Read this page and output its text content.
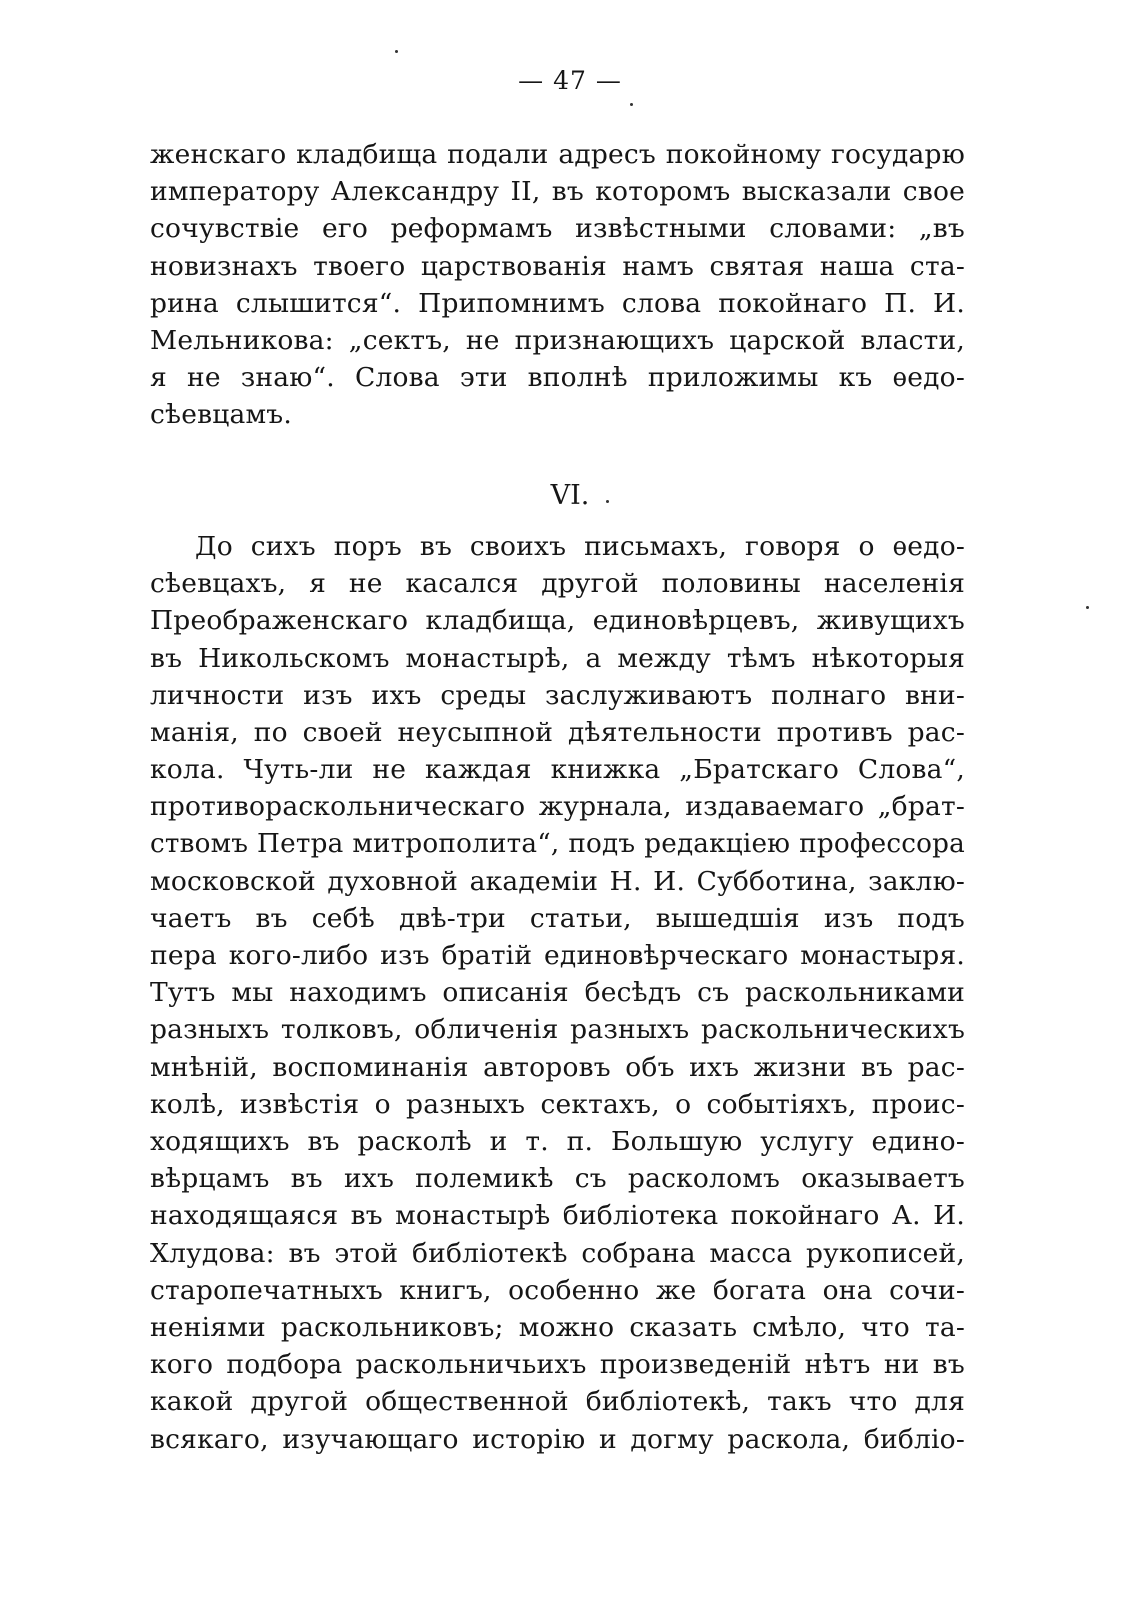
— 47 —
женскаго кладбища подали адресъ покойному государю
императору Александру II, въ которомъ высказали свое
сочувствіе его реформамъ извѣстными словами: „въ
новизнахъ твоего царствованія намъ святая наша ста-
рина слышится“. Припомнимъ слова покойнаго П. И.
Мельникова: „сектъ, не признающихъ царской власти,
я не знаю“. Слова эти вполнѣ приложимы къ ѳедо-
сѣевцамъ.
VI.
До сихъ поръ въ своихъ письмахъ, говоря о ѳедо-
сѣевцахъ, я не касался другой половины населенія
Преображенскаго кладбища, единовѣрцевъ, живущихъ
въ Никольскомъ монастырѣ, а между тѣмъ нѣкоторыя
личности изъ ихъ среды заслуживаютъ полнаго вни-
манія, по своей неусыпной дѣятельности противъ рас-
кола. Чуть-ли не каждая книжка „Братскаго Слова“,
противораскольническаго журнала, издаваемаго „брат-
ствомъ Петра митрополита“, подъ редакціею профессора
московской духовной академіи Н. И. Субботина, заклю-
чаетъ въ себѣ двѣ-три статьи, вышедшія изъ подъ
пера кого-либо изъ братій единовѣрческаго монастыря.
Тутъ мы находимъ описанія бесѣдъ съ раскольниками
разныхъ толковъ, обличенія разныхъ раскольническихъ
мнѣній, воспоминанія авторовъ объ ихъ жизни въ рас-
колѣ, извѣстія о разныхъ сектахъ, о событіяхъ, проис-
ходящихъ въ расколѣ и т. п. Большую услугу едино-
вѣрцамъ въ ихъ полемикѣ съ расколомъ оказываетъ
находящаяся въ монастырѣ библіотека покойнаго А. И.
Хлудова: въ этой библіотекѣ собрана масса рукописей,
старопечатныхъ книгъ, особенно же богата она сочи-
неніями раскольниковъ; можно сказать смѣло, что та-
кого подбора раскольничьихъ произведеній нѣтъ ни въ
какой другой общественной библіотекѣ, такъ что для
всякаго, изучающаго исторію и догму раскола, библіо-
